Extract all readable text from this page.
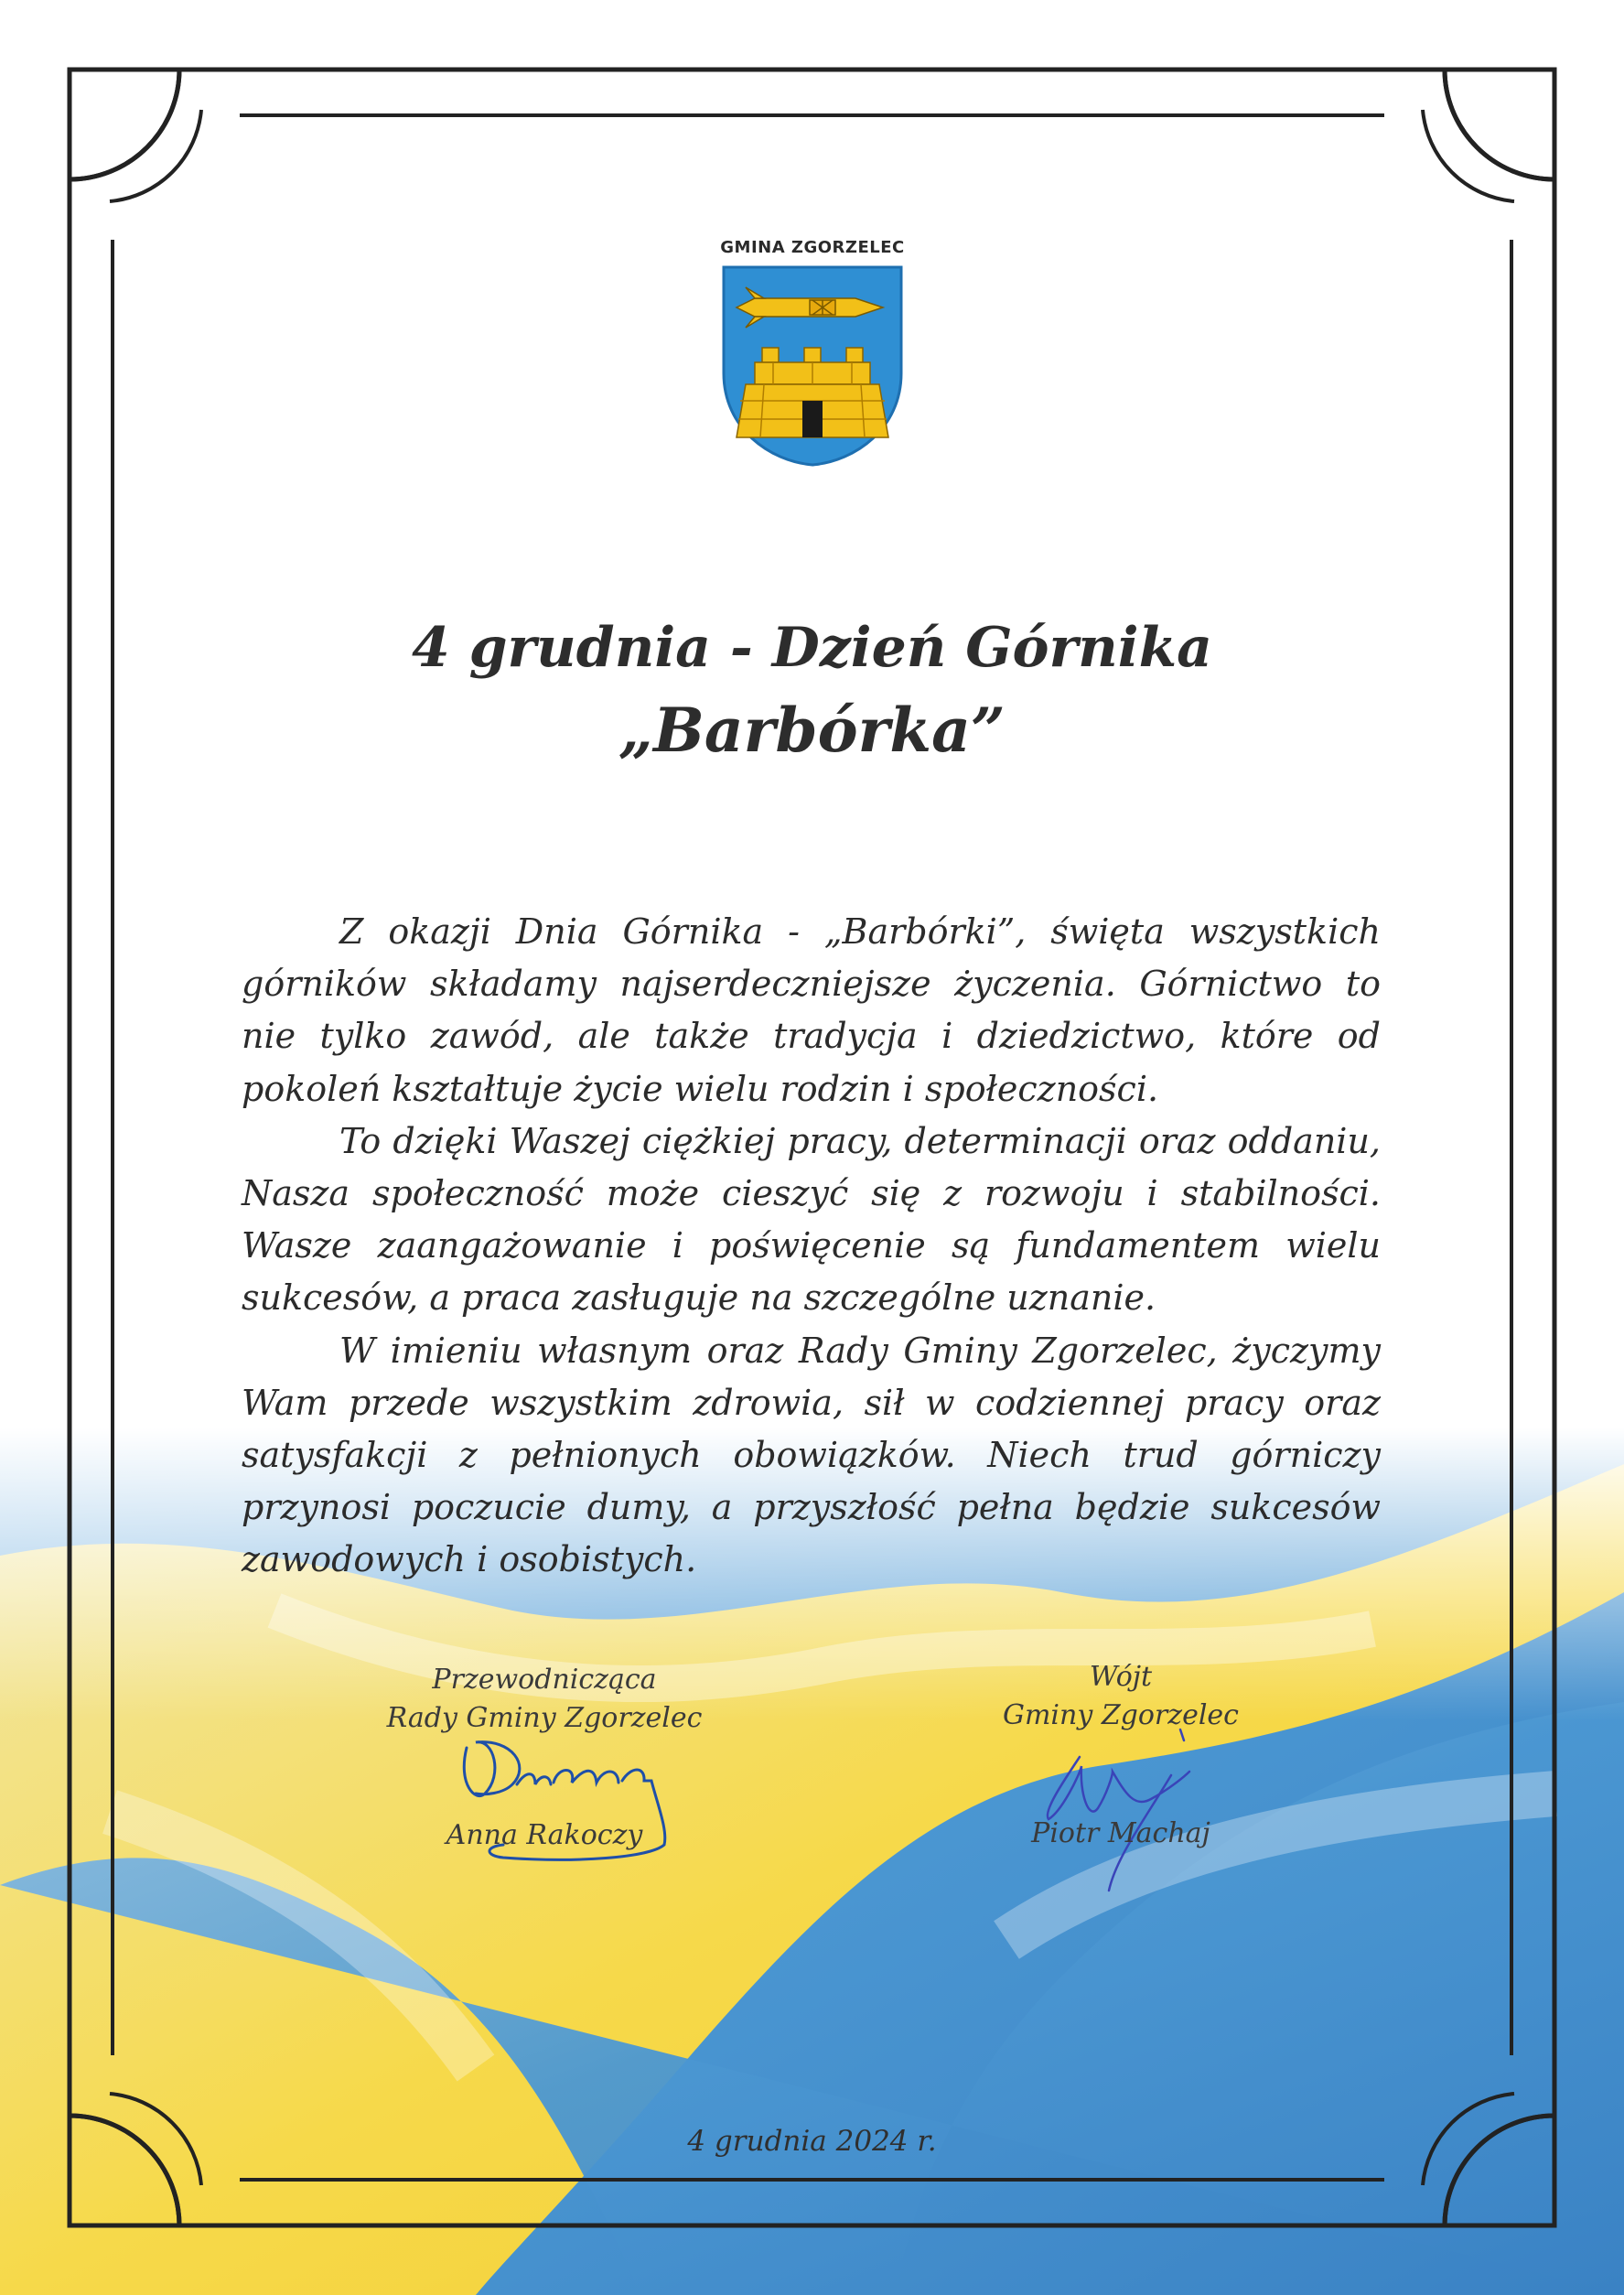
GMINA ZGORZELEC
4 grudnia - Dzień Górnika
„Barbórka”

Z okazji Dnia Górnika - „Barbórki”, święta wszystkich górników składamy najserdeczniejsze życzenia. Górnictwo to nie tylko zawód, ale także tradycja i dziedzictwo, które od pokoleń kształtuje życie wielu rodzin i społeczności.

To dzięki Waszej ciężkiej pracy, determinacji oraz oddaniu, Nasza społeczność może cieszyć się z rozwoju i stabilności. Wasze zaangażowanie i poświęcenie są fundamentem wielu sukcesów, a praca zasługuje na szczególne uznanie.

W imieniu własnym oraz Rady Gminy Zgorzelec, życzymy Wam przede wszystkim zdrowia, sił w codziennej pracy oraz satysfakcji z pełnionych obowiązków. Niech trud górniczy przynosi poczucie dumy, a przyszłość pełna będzie sukcesów zawodowych i osobistych.

Przewodnicząca
Rady Gminy Zgorzelec
Anna Rakoczy
Wójt
Gminy Zgorzelec
Piotr Machaj
4 grudnia 2024 r.
